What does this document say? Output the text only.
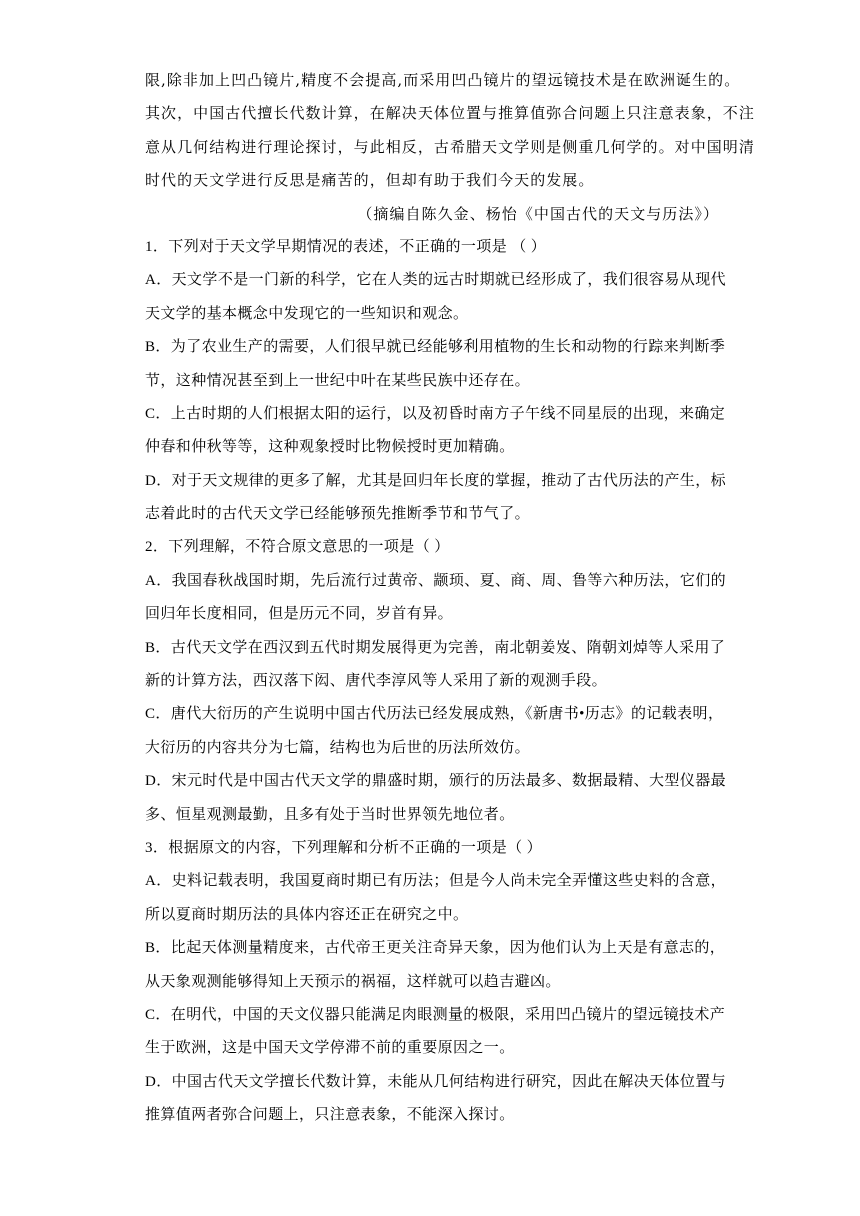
限,除非加上凹凸镜片,精度不会提高,而采用凹凸镜片的望远镜技术是在欧洲诞生的。

其次，中国古代擅长代数计算，在解决天体位置与推算值弥合问题上只注意表象，不注

意从几何结构进行理论探讨，与此相反，古希腊天文学则是侧重几何学的。对中国明清

时代的天文学进行反思是痛苦的，但却有助于我们今天的发展。

（摘编自陈久金、杨怡《中国古代的天文与历法》）

1．下列对于天文学早期情况的表述，不正确的一项是 （ ）

A．天文学不是一门新的科学，它在人类的远古时期就已经形成了，我们很容易从现代

天文学的基本概念中发现它的一些知识和观念。

B．为了农业生产的需要，人们很早就已经能够利用植物的生长和动物的行踪来判断季

节，这种情况甚至到上一世纪中叶在某些民族中还存在。

C．上古时期的人们根据太阳的运行，以及初昏时南方子午线不同星辰的出现，来确定

仲春和仲秋等等，这种观象授时比物候授时更加精确。

D．对于天文规律的更多了解，尤其是回归年长度的掌握，推动了古代历法的产生，标

志着此时的古代天文学已经能够预先推断季节和节气了。

2．下列理解，不符合原文意思的一项是（ ）

A．我国春秋战国时期，先后流行过黄帝、颛顼、夏、商、周、鲁等六种历法，它们的

回归年长度相同，但是历元不同，岁首有异。

B．古代天文学在西汉到五代时期发展得更为完善，南北朝姜岌、隋朝刘焯等人采用了

新的计算方法，西汉落下闳、唐代李淳风等人采用了新的观测手段。

C．唐代大衍历的产生说明中国古代历法已经发展成熟，《新唐书•历志》的记载表明，

大衍历的内容共分为七篇，结构也为后世的历法所效仿。

D．宋元时代是中国古代天文学的鼎盛时期，颁行的历法最多、数据最精、大型仪器最

多、恒星观测最勤，且多有处于当时世界领先地位者。

3．根据原文的内容，下列理解和分析不正确的一项是（ ）

A．史料记载表明，我国夏商时期已有历法；但是今人尚未完全弄懂这些史料的含意，

所以夏商时期历法的具体内容还正在研究之中。

B．比起天体测量精度来，古代帝王更关注奇异天象，因为他们认为上天是有意志的，

从天象观测能够得知上天预示的祸福，这样就可以趋吉避凶。

C．在明代，中国的天文仪器只能满足肉眼测量的极限，采用凹凸镜片的望远镜技术产

生于欧洲，这是中国天文学停滞不前的重要原因之一。

D．中国古代天文学擅长代数计算，未能从几何结构进行研究，因此在解决天体位置与

推算值两者弥合问题上，只注意表象，不能深入探讨。
